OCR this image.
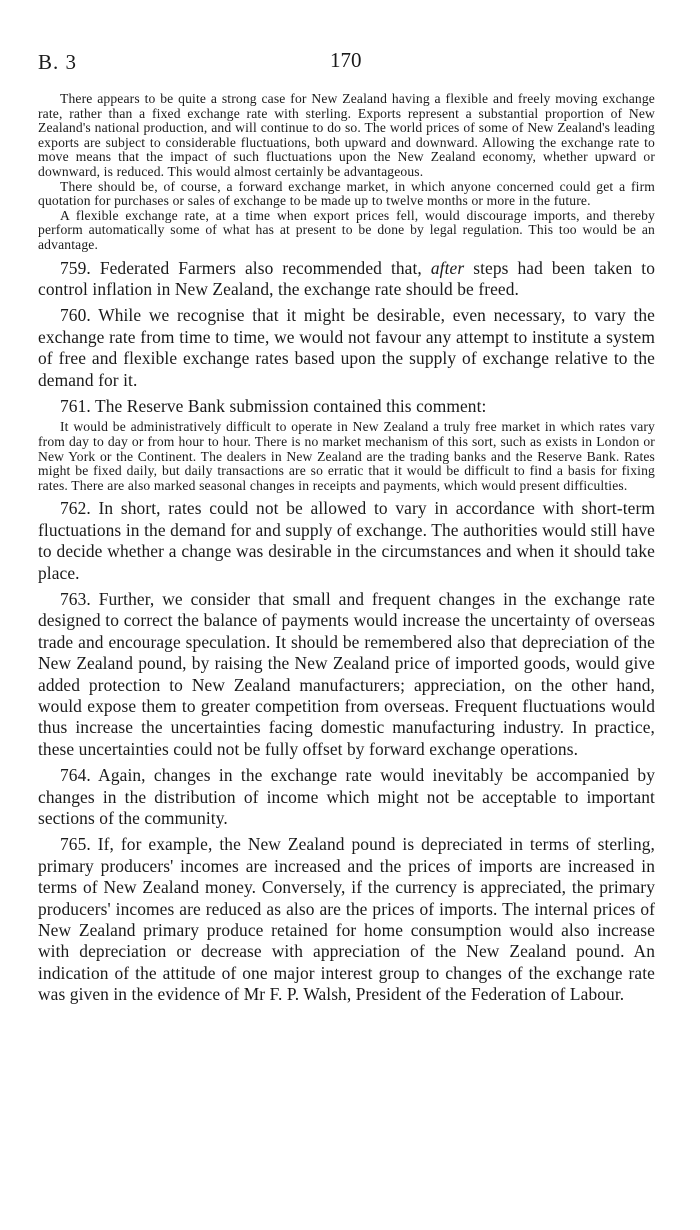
B. 3	170

There appears to be quite a strong case for New Zealand having a flexible and freely moving exchange rate, rather than a fixed exchange rate with sterling. Exports represent a substantial proportion of New Zealand's national production, and will continue to do so. The world prices of some of New Zealand's leading exports are subject to considerable fluctuations, both upward and downward. Allowing the exchange rate to move means that the impact of such fluctuations upon the New Zealand economy, whether upward or downward, is reduced. This would almost certainly be advantageous.

There should be, of course, a forward exchange market, in which anyone concerned could get a firm quotation for purchases or sales of exchange to be made up to twelve months or more in the future.

A flexible exchange rate, at a time when export prices fell, would discourage imports, and thereby perform automatically some of what has at present to be done by legal regulation. This too would be an advantage.

759. Federated Farmers also recommended that, after steps had been taken to control inflation in New Zealand, the exchange rate should be freed.

760. While we recognise that it might be desirable, even necessary, to vary the exchange rate from time to time, we would not favour any attempt to institute a system of free and flexible exchange rates based upon the supply of exchange relative to the demand for it.

761. The Reserve Bank submission contained this comment:

It would be administratively difficult to operate in New Zealand a truly free market in which rates vary from day to day or from hour to hour. There is no market mechanism of this sort, such as exists in London or New York or the Continent. The dealers in New Zealand are the trading banks and the Reserve Bank. Rates might be fixed daily, but daily transactions are so erratic that it would be difficult to find a basis for fixing rates. There are also marked seasonal changes in receipts and payments, which would present difficulties.

762. In short, rates could not be allowed to vary in accordance with short-term fluctuations in the demand for and supply of exchange. The authorities would still have to decide whether a change was desirable in the circumstances and when it should take place.

763. Further, we consider that small and frequent changes in the exchange rate designed to correct the balance of payments would increase the uncertainty of overseas trade and encourage speculation. It should be remembered also that depreciation of the New Zealand pound, by raising the New Zealand price of imported goods, would give added protection to New Zealand manufacturers; appreciation, on the other hand, would expose them to greater competition from overseas. Frequent fluctuations would thus increase the uncertainties facing domestic manufacturing industry. In practice, these uncertainties could not be fully offset by forward exchange operations.

764. Again, changes in the exchange rate would inevitably be accompanied by changes in the distribution of income which might not be acceptable to important sections of the community.

765. If, for example, the New Zealand pound is depreciated in terms of sterling, primary producers' incomes are increased and the prices of imports are increased in terms of New Zealand money. Conversely, if the currency is appreciated, the primary producers' incomes are reduced as also are the prices of imports. The internal prices of New Zealand primary produce retained for home consumption would also increase with depreciation or decrease with appreciation of the New Zealand pound. An indication of the attitude of one major interest group to changes of the exchange rate was given in the evidence of Mr F. P. Walsh, President of the Federation of Labour.
